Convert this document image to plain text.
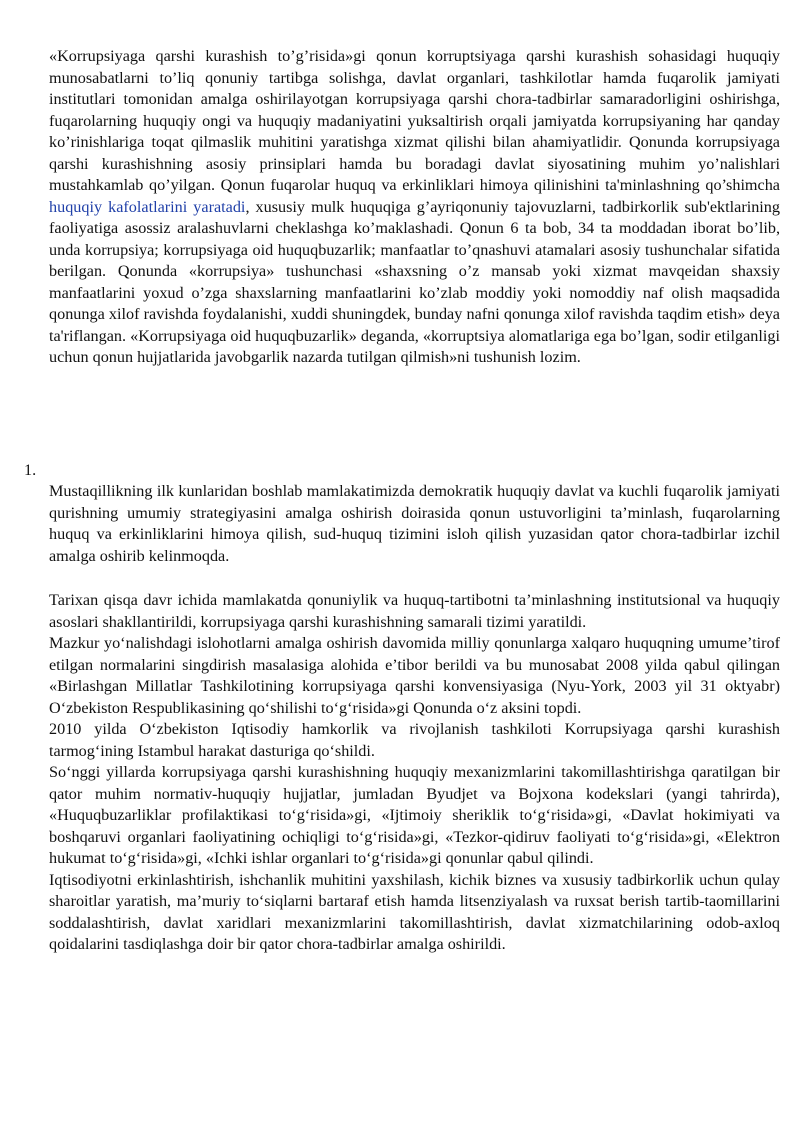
«Korrupsiyaga qarshi kurashish to’g’risida»gi qonun korruptsiyaga qarshi kurashish sohasidagi huquqiy munosabatlarni to’liq qonuniy tartibga solishga, davlat organlari, tashkilotlar hamda fuqarolik jamiyati institutlari tomonidan amalga oshirilayotgan korrupsiyaga qarshi chora-tadbirlar samaradorligini oshirishga, fuqarolarning huquqiy ongi va huquqiy madaniyatini yuksaltirish orqali jamiyatda korrupsiyaning har qanday ko’rinishlariga toqat qilmaslik muhitini yaratishga xizmat qilishi bilan ahamiyatlidir. Qonunda korrupsiyaga qarshi kurashishning asosiy prinsiplari hamda bu boradagi davlat siyosatining muhim yo’nalishlari mustahkamlab qo’yilgan. Qonun fuqarolar huquq va erkinliklari himoya qilinishini ta'minlashning qo’shimcha huquqiy kafolatlarini yaratadi, xususiy mulk huquqiga g’ayriqonuniy tajovuzlarni, tadbirkorlik sub'ektlarining faoliyatiga asossiz aralashuvlarni cheklashga ko’maklashadi. Qonun 6 ta bob, 34 ta moddadan iborat bo’lib, unda korrupsiya; korrupsiyaga oid huquqbuzarlik; manfaatlar to’qnashuvi atamalari asosiy tushunchalar sifatida berilgan. Qonunda «korrupsiya» tushunchasi «shaxsning o’z mansab yoki xizmat mavqeidan shaxsiy manfaatlarini yoxud o’zga shaxslarning manfaatlarini ko’zlab moddiy yoki nomoddiy naf olish maqsadida qonunga xilof ravishda foydalanishi, xuddi shuningdek, bunday nafni qonunga xilof ravishda taqdim etish» deya ta'riflangan. «Korrupsiyaga oid huquqbuzarlik» deganda, «korruptsiya alomatlariga ega bo’lgan, sodir etilganligi uchun qonun hujjatlarida javobgarlik nazarda tutilgan qilmish»ni tushunish lozim.

1.

Mustaqillikning ilk kunlaridan boshlab mamlakatimizda demokratik huquqiy davlat va kuchli fuqarolik jamiyati qurishning umumiy strategiyasini amalga oshirish doirasida qonun ustuvorligini ta’minlash, fuqarolarning huquq va erkinliklarini himoya qilish, sud-huquq tizimini isloh qilish yuzasidan qator chora-tadbirlar izchil amalga oshirib kelinmoqda.

Tarixan qisqa davr ichida mamlakatda qonuniylik va huquq-tartibotni ta’minlashning institutsional va huquqiy asoslari shakllantirildi, korrupsiyaga qarshi kurashishning samarali tizimi yaratildi.

Mazkur yo‘nalishdagi islohotlarni amalga oshirish davomida milliy qonunlarga xalqaro huquqning umume’tirof etilgan normalarini singdirish masalasiga alohida e’tibor berildi va bu munosabat 2008 yilda qabul qilingan «Birlashgan Millatlar Tashkilotining korrupsiyaga qarshi konvensiyasiga (Nyu-York, 2003 yil 31 oktyabr) O‘zbekiston Respublikasining qo‘shilishi to‘g‘risida»gi Qonunda o‘z aksini topdi.

2010 yilda O‘zbekiston Iqtisodiy hamkorlik va rivojlanish tashkiloti Korrupsiyaga qarshi kurashish tarmog‘ining Istambul harakat dasturiga qo‘shildi.

So‘nggi yillarda korrupsiyaga qarshi kurashishning huquqiy mexanizmlarini takomillashtirishga qaratilgan bir qator muhim normativ-huquqiy hujjatlar, jumladan Byudjet va Bojxona kodekslari (yangi tahrirda), «Huquqbuzarliklar profilaktikasi to‘g‘risida»gi, «Ijtimoiy sheriklik to‘g‘risida»gi, «Davlat hokimiyati va boshqaruvi organlari faoliyatining ochiqligi to‘g‘risida»gi, «Tezkor-qidiruv faoliyati to‘g‘risida»gi, «Elektron hukumat to‘g‘risida»gi, «Ichki ishlar organlari to‘g‘risida»gi qonunlar qabul qilindi.

Iqtisodiyotni erkinlashtirish, ishchanlik muhitini yaxshilash, kichik biznes va xususiy tadbirkorlik uchun qulay sharoitlar yaratish, ma’muriy to‘siqlarni bartaraf etish hamda litsenziyalash va ruxsat berish tartib-taomillarini soddalashtirish, davlat xaridlari mexanizmlarini takomillashtirish, davlat xizmatchilarining odob-axloq qoidalarini tasdiqlashga doir bir qator chora-tadbirlar amalga oshirildi.
